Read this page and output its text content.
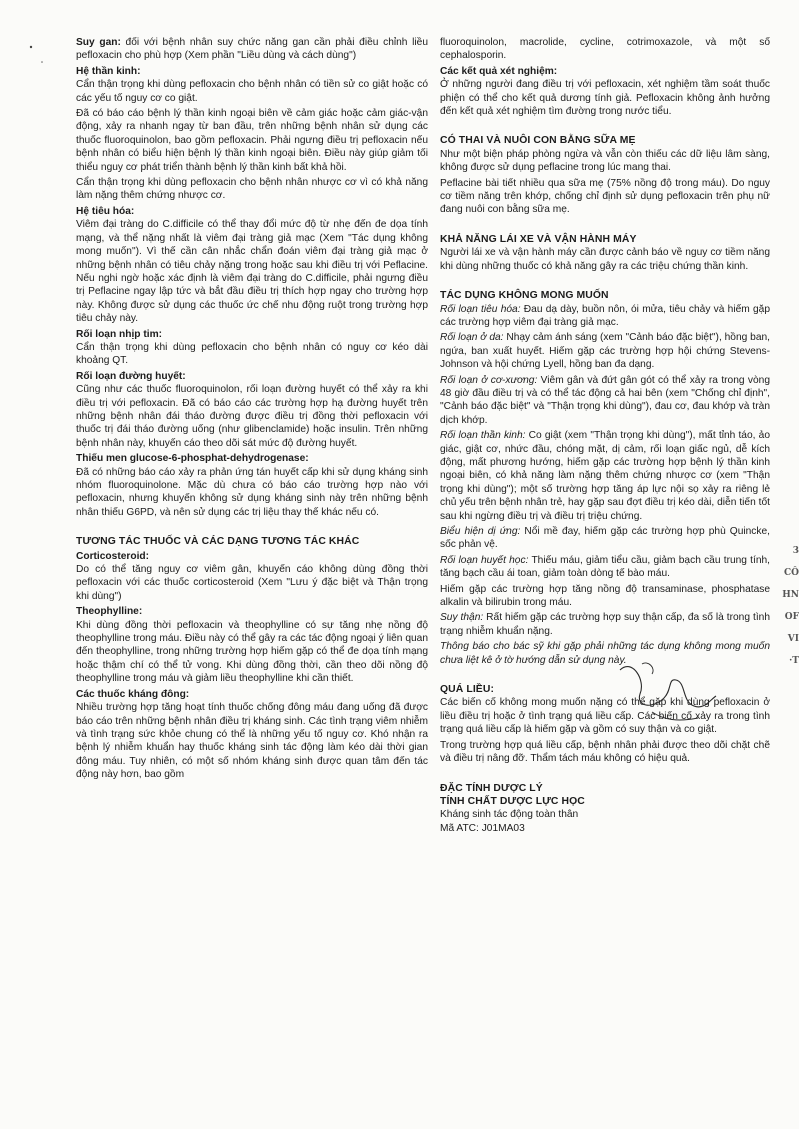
Suy gan: đối với bệnh nhân suy chức năng gan cần phải điều chỉnh liều pefloxacin cho phù hợp (Xem phần "Liều dùng và cách dùng")

Hệ thần kinh:

Cẩn thận trọng khi dùng pefloxacin cho bệnh nhân có tiền sử co giật hoặc có các yếu tố nguy cơ co giật.

Đã có báo cáo bệnh lý thần kinh ngoại biên về cảm giác hoặc cảm giác-vận động, xảy ra nhanh ngay từ ban đầu, trên những bệnh nhân sử dụng các thuốc fluoroquinolon, bao gồm pefloxacin. Phải ngưng điều trị pefloxacin nếu bệnh nhân có biểu hiện bệnh lý thần kinh ngoại biên. Điều này giúp giảm tối thiểu nguy cơ phát triển thành bệnh lý thần kinh bất khả hồi.

Cẩn thận trọng khi dùng pefloxacin cho bệnh nhân nhược cơ vì có khả năng làm nặng thêm chứng nhược cơ.

Hệ tiêu hóa:

Viêm đại tràng do C.difficile có thể thay đổi mức độ từ nhẹ đến đe dọa tính mạng, và thể nặng nhất là viêm đại tràng giả mạc (Xem "Tác dụng không mong muốn"). Vì thế cần cân nhắc chẩn đoán viêm đại tràng giả mạc ở những bệnh nhân có tiêu chảy nặng trong hoặc sau khi điều trị với Peflacine. Nếu nghi ngờ hoặc xác định là viêm đại tràng do C.difficile, phải ngưng điều trị Peflacine ngay lập tức và bắt đầu điều trị thích hợp ngay cho trường hợp này. Không được sử dụng các thuốc ức chế nhu động ruột trong trường hợp tiêu chảy này.

Rối loạn nhịp tim:

Cẩn thận trọng khi dùng pefloxacin cho bệnh nhân có nguy cơ kéo dài khoảng QT.

Rối loạn đường huyết:

Cũng như các thuốc fluoroquinolon, rối loạn đường huyết có thể xảy ra khi điều trị với pefloxacin. Đã có báo cáo các trường hợp hạ đường huyết trên những bệnh nhân đái tháo đường được điều trị đồng thời pefloxacin với thuốc trị đái tháo đường uống (như glibenclamide) hoặc insulin. Trên những bệnh nhân này, khuyến cáo theo dõi sát mức độ đường huyết.

Thiếu men glucose-6-phosphat-dehydrogenase:

Đã có những báo cáo xảy ra phản ứng tán huyết cấp khi sử dụng kháng sinh nhóm fluoroquinolone. Mặc dù chưa có báo cáo trường hợp nào với pefloxacin, nhưng khuyến không sử dụng kháng sinh này trên những bệnh nhân thiếu G6PD, và nên sử dụng các trị liệu thay thế khác nếu có.

TƯƠNG TÁC THUỐC VÀ CÁC DẠNG TƯƠNG TÁC KHÁC
Corticosteroid:

Do có thể tăng nguy cơ viêm gân, khuyến cáo không dùng đồng thời pefloxacin với các thuốc corticosteroid (Xem "Lưu ý đặc biệt và Thận trọng khi dùng")

Theophylline:

Khi dùng đồng thời pefloxacin và theophylline có sự tăng nhẹ nồng độ theophylline trong máu. Điều này có thể gây ra các tác động ngoại ý liên quan đến theophylline, trong những trường hợp hiếm gặp có thể đe dọa tính mạng hoặc thậm chí có thể tử vong. Khi dùng đồng thời, cần theo dõi nồng độ theophylline trong máu và giảm liều theophylline khi cần thiết.

Các thuốc kháng đông:

Nhiều trường hợp tăng hoạt tính thuốc chống đông máu đang uống đã được báo cáo trên những bệnh nhân điều trị kháng sinh. Các tình trạng viêm nhiễm và tình trạng sức khỏe chung có thể là những yếu tố nguy cơ. Khó nhận ra bệnh lý nhiễm khuẩn hay thuốc kháng sinh tác động làm kéo dài thời gian đông máu. Tuy nhiên, có một số nhóm kháng sinh được quan tâm đến tác động này hơn, bao gồm

fluoroquinolon, macrolide, cycline, cotrimoxazole, và một số cephalosporin.

Các kết quả xét nghiệm:

Ở những người đang điều trị với pefloxacin, xét nghiệm tầm soát thuốc phiện có thể cho kết quả dương tính giả. Pefloxacin không ảnh hưởng đến kết quả xét nghiệm tìm đường trong nước tiểu.

CÓ THAI VÀ NUÔI CON BẰNG SỮA MẸ

Như một biện pháp phòng ngừa và vẫn còn thiếu các dữ liệu lâm sàng, không được sử dụng peflacine trong lúc mang thai.

Peflacine bài tiết nhiều qua sữa mẹ (75% nồng độ trong máu). Do nguy cơ tiềm năng trên khớp, chống chỉ định sử dụng pefloxacin trên phụ nữ đang nuôi con bằng sữa mẹ.

KHẢ NĂNG LÁI XE VÀ VẬN HÀNH MÁY

Người lái xe và vận hành máy cần được cảnh báo về nguy cơ tiềm năng khi dùng những thuốc có khả năng gây ra các triệu chứng thần kinh.

TÁC DỤNG KHÔNG MONG MUỐN

Rối loạn tiêu hóa: Đau dạ dày, buồn nôn, ói mửa, tiêu chảy và hiếm gặp các trường hợp viêm đại tràng giả mạc.

Rối loạn ở da: Nhạy cảm ánh sáng (xem "Cảnh báo đặc biệt"), hồng ban, ngứa, ban xuất huyết. Hiếm gặp các trường hợp hội chứng Stevens-Johnson và hội chứng Lyell, hồng ban đa dạng.

Rối loạn ở cơ-xương: Viêm gân và đứt gân gót có thể xảy ra trong vòng 48 giờ đầu điều trị và có thể tác động cả hai bên (xem "Chống chỉ định", "Cảnh báo đặc biệt" và "Thận trọng khi dùng"), đau cơ, đau khớp và tràn dịch khớp.

Rối loạn thần kinh: Co giật (xem "Thận trọng khi dùng"), mất tỉnh táo, ảo giác, giật cơ, nhức đầu, chóng mặt, dị cảm, rối loạn giấc ngủ, dễ kích động, mất phương hướng, hiếm gặp các trường hợp bệnh lý thần kinh ngoại biên, có khả năng làm nặng thêm chứng nhược cơ (xem "Thận trọng khi dùng"); một số trường hợp tăng áp lực nội sọ xảy ra riêng lẻ chủ yếu trên bệnh nhân trẻ, hay gặp sau đợt điều trị kéo dài, diễn tiến tốt sau khi ngừng điều trị và điều trị triệu chứng.

Biểu hiện dị ứng: Nổi mề đay, hiếm gặp các trường hợp phù Quincke, sốc phản vệ.

Rối loạn huyết học: Thiếu máu, giảm tiểu cầu, giảm bạch cầu trung tính, tăng bạch cầu ái toan, giảm toàn dòng tế bào máu.

Hiếm gặp các trường hợp tăng nồng độ transaminase, phosphatase alkalin và bilirubin trong máu.

Suy thận: Rất hiếm gặp các trường hợp suy thận cấp, đa số là trong tình trạng nhiễm khuẩn nặng.

Thông báo cho bác sỹ khi gặp phải những tác dụng không mong muốn chưa liệt kê ở tờ hướng dẫn sử dụng này.

QUÁ LIỀU:

Các biến cố không mong muốn nặng có thể gặp khi dùng pefloxacin ở liều điều trị hoặc ở tình trạng quá liều cấp. Các biến cố xảy ra trong tình trạng quá liều cấp là hiếm gặp và gồm có suy thận và co giật.

Trong trường hợp quá liều cấp, bệnh nhân phải được theo dõi chặt chẽ và điều trị nâng đỡ. Thẩm tách máu không có hiệu quả.

ĐẶC TÍNH DƯỢC LÝ
TÍNH CHẤT DƯỢC LỰC HỌC

Kháng sinh tác động toàn thân

Mã ATC: J01MA03

3
CÔ
HN
OF
VI
·T
